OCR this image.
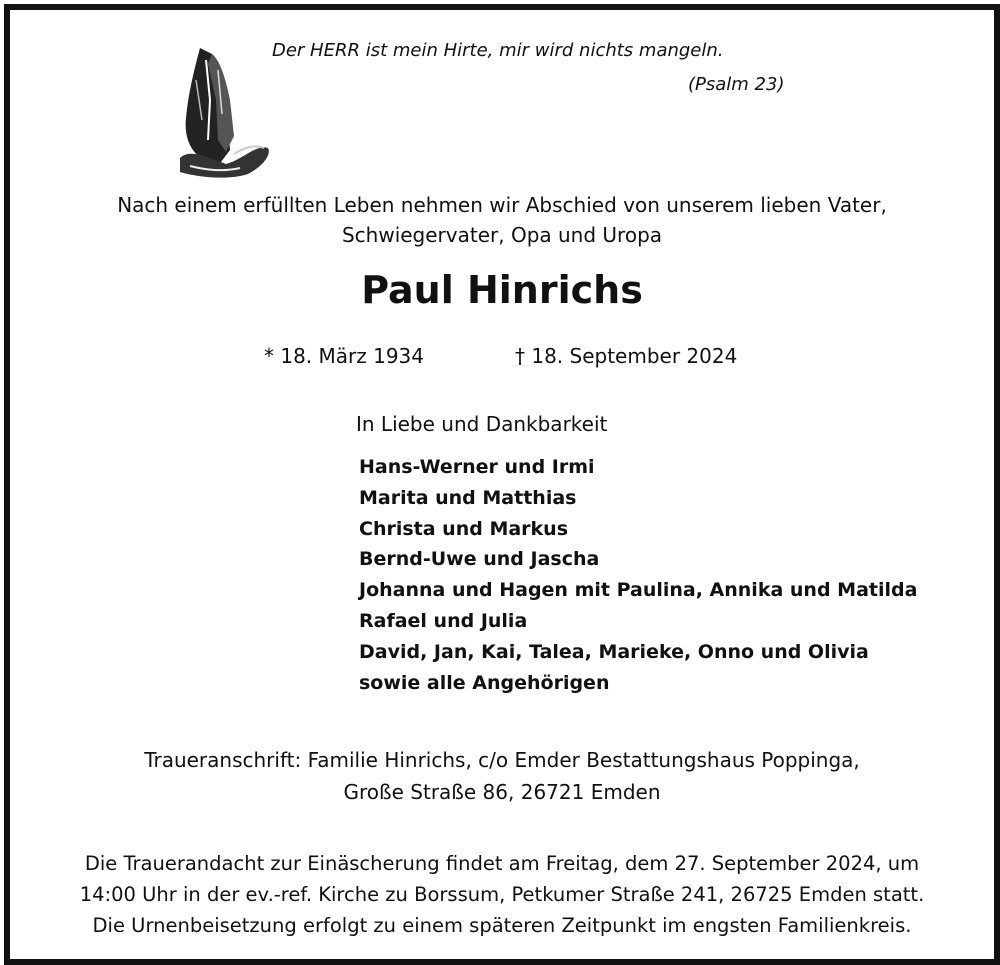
Der HERR ist mein Hirte, mir wird nichts mangeln.
(Psalm 23)
Nach einem erfüllten Leben nehmen wir Abschied von unserem lieben Vater,
Schwiegervater, Opa und Uropa
Paul Hinrichs
* 18. März 1934	† 18. September 2024
In Liebe und Dankbarkeit
Hans-Werner und Irmi
Marita und Matthias
Christa und Markus
Bernd-Uwe und Jascha
Johanna und Hagen mit Paulina, Annika und Matilda
Rafael und Julia
David, Jan, Kai, Talea, Marieke, Onno und Olivia
sowie alle Angehörigen
Traueranschrift: Familie Hinrichs, c/o Emder Bestattungshaus Poppinga,
Große Straße 86, 26721 Emden
Die Trauerandacht zur Einäscherung findet am Freitag, dem 27. September 2024, um
14:00 Uhr in der ev.-ref. Kirche zu Borssum, Petkumer Straße 241, 26725 Emden statt.
Die Urnenbeisetzung erfolgt zu einem späteren Zeitpunkt im engsten Familienkreis.
